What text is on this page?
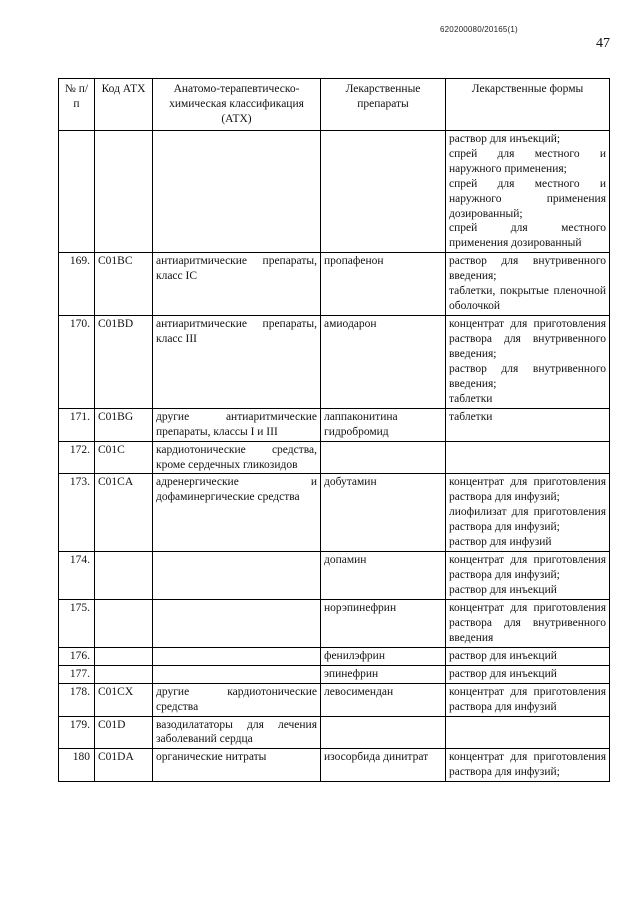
620200080/20165(1)
47
№ п/п	Код АТХ	Анатомо-терапевтическо-химическая классификация (АТХ)	Лекарственные препараты	Лекарственные формы

				раствор для инъекций;
спрей для местного и наружного применения;
спрей для местного и наружного применения дозированный;
спрей для местного применения дозированный

169.	C01BC	антиаритмические препараты, класс IC	пропафенон	раствор для внутривенного введения;
таблетки, покрытые пленочной оболочкой

170.	C01BD	антиаритмические препараты, класс III	амиодарон	концентрат для приготовления раствора для внутривенного введения;
раствор для внутривенного введения;
таблетки

171.	C01BG	другие антиаритмические препараты, классы I и III	лаппаконитина гидробромид	таблетки

172.	C01C	кардиотонические средства, кроме сердечных гликозидов		
173.	C01CA	адренергические и дофаминергические средства	добутамин	концентрат для приготовления раствора для инфузий;
лиофилизат для приготовления раствора для инфузий;
раствор для инфузий

174.			допамин	концентрат для приготовления раствора для инфузий;
раствор для инъекций

175.			норэпинефрин	концентрат для приготовления раствора для внутривенного введения

176.			фенилэфрин	раствор для инъекций

177.			эпинефрин	раствор для инъекций

178.	C01CX	другие кардиотонические средства	левосимендан	концентрат для приготовления раствора для инфузий

179.	C01D	вазодилататоры для лечения заболеваний сердца		
180	C01DA	органические нитраты	изосорбида динитрат	концентрат для приготовления раствора для инфузий;
